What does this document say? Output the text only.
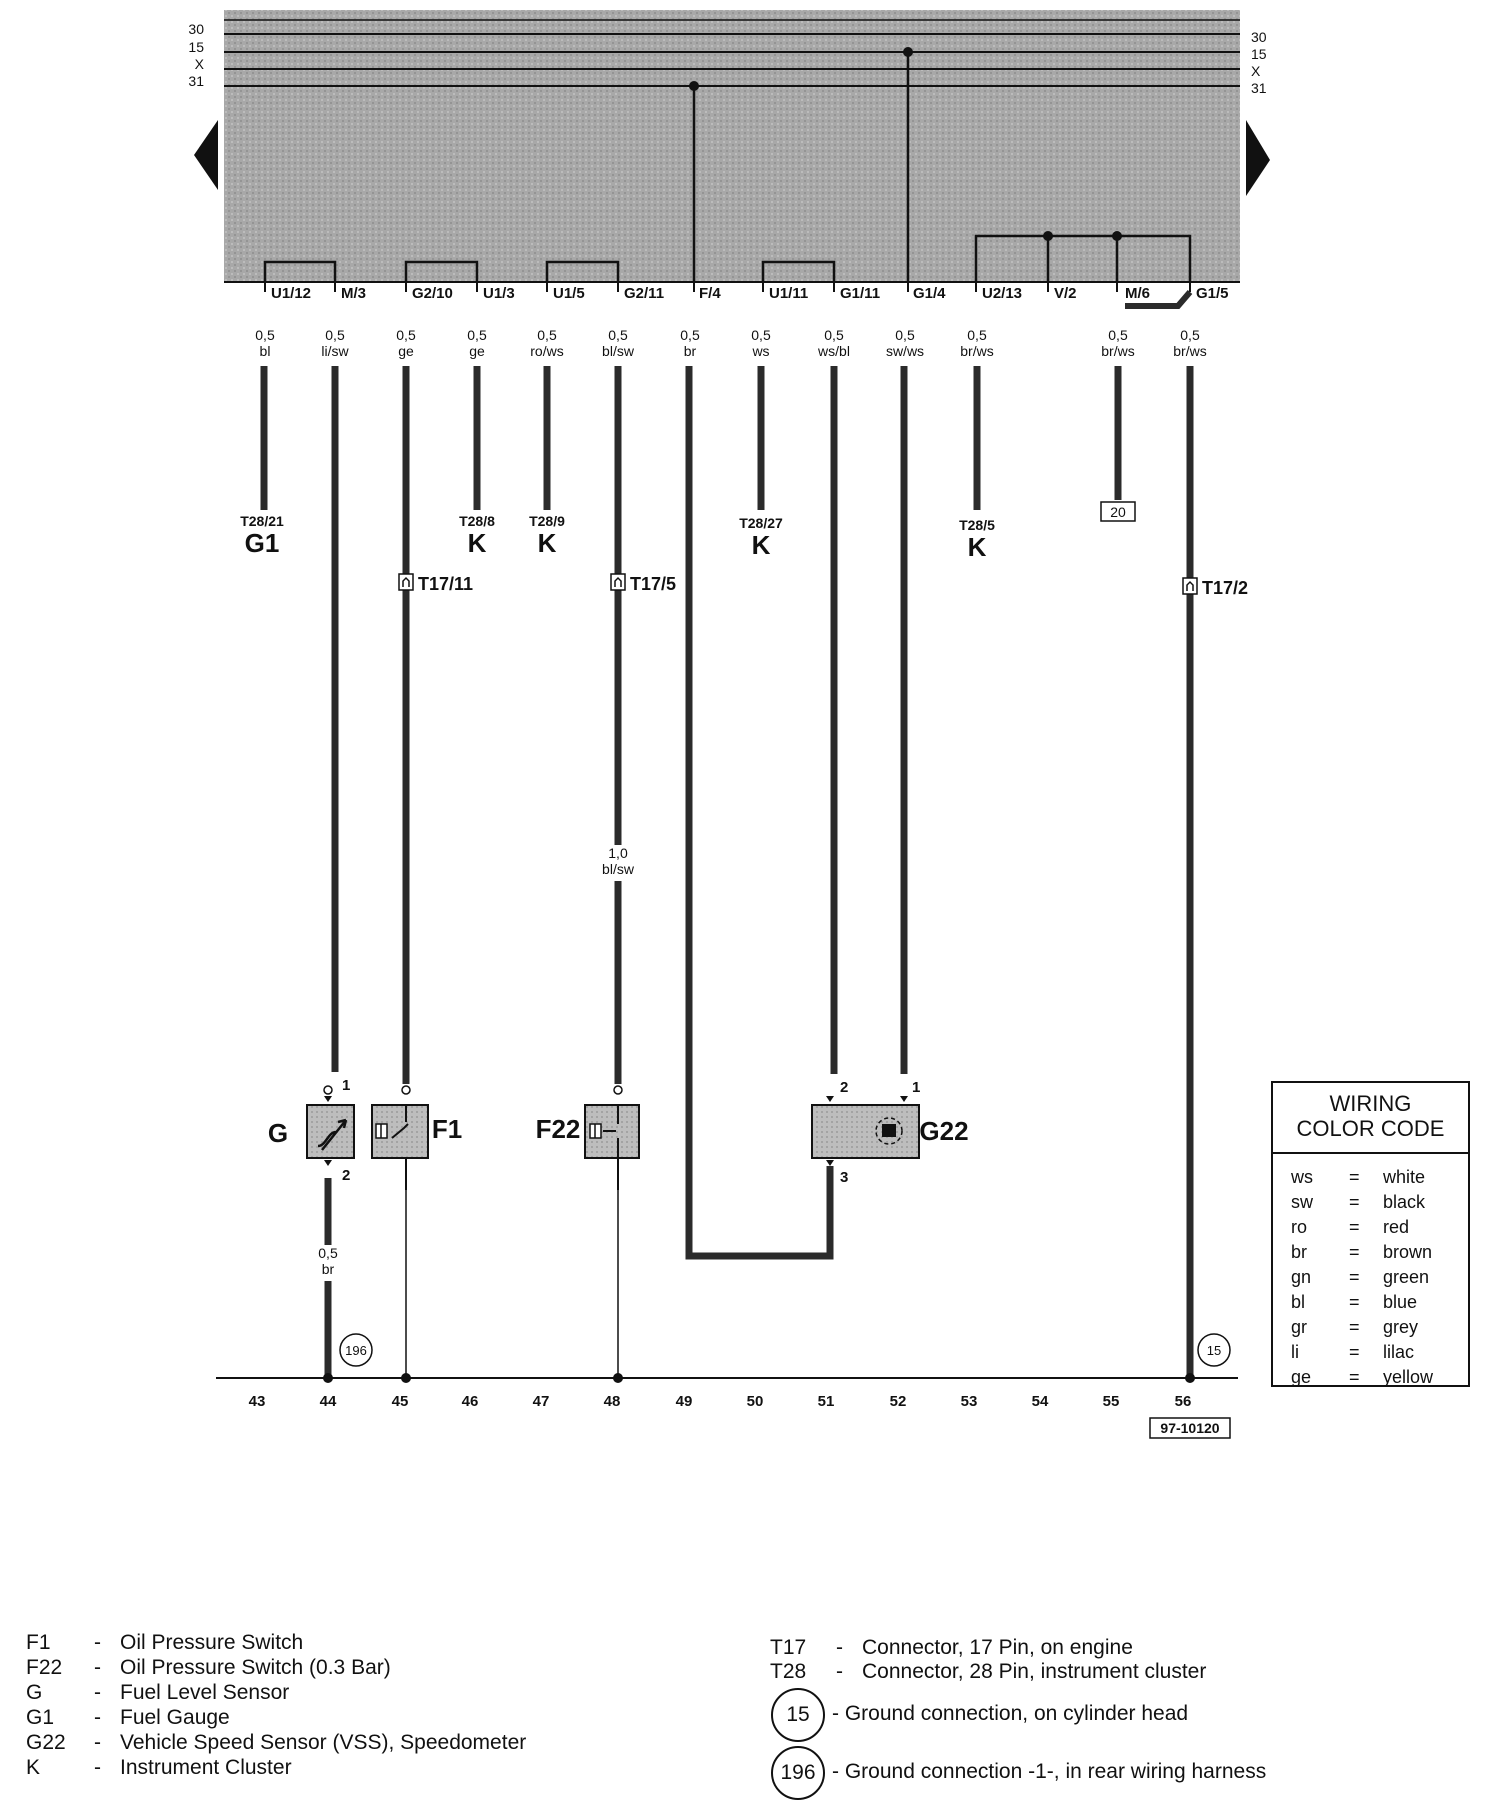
30
15
X
31
30
15
X
31
U1/12 M/3	G2/10 U1/3	U1/5	G2/11 F/4	U1/11 G1/11 G1/4 U2/13 V/2	M/6	G1/5
0,5
bl
0,5
li/sw
0,5
ge
0,5
ge
0,5
ro/ws
0,5
bl/sw
0,5
br
0,5
ws
0,5
ws/bl
0,5
sw/ws
0,5
br/ws
0,5
br/ws
0,5
br/ws
T28/21	T28/8 T28/9	T28/27	T28/5
G1	K K	K	K
20
T17/11	T17/5	T17/2
1,0
bl/sw
G
1
2
F1	F22	G22
2	1
3
0,5
br
196	15
43	44	45	46	47	48	49	50	51	52	53	54	55	56
97-10120
WIRING
COLOR CODE
ws = white
sw = black
ro = red
br = brown
gn = green
bl = blue
gr = grey
li	= lilac
ge = yellow
F1 - Oil Pressure Switch
F22 - Oil Pressure Switch (0.3 Bar)
G - Fuel Level Sensor
G1 - Fuel Gauge
G22 - Vehicle Speed Sensor (VSS), Speedometer
K	- Instrument Cluster
T17 - Connector, 17 Pin, on engine
T28 - Connector, 28 Pin, instrument cluster
15	- Ground connection, on cylinder head
196 - Ground connection -1-, in rear wiring harness
